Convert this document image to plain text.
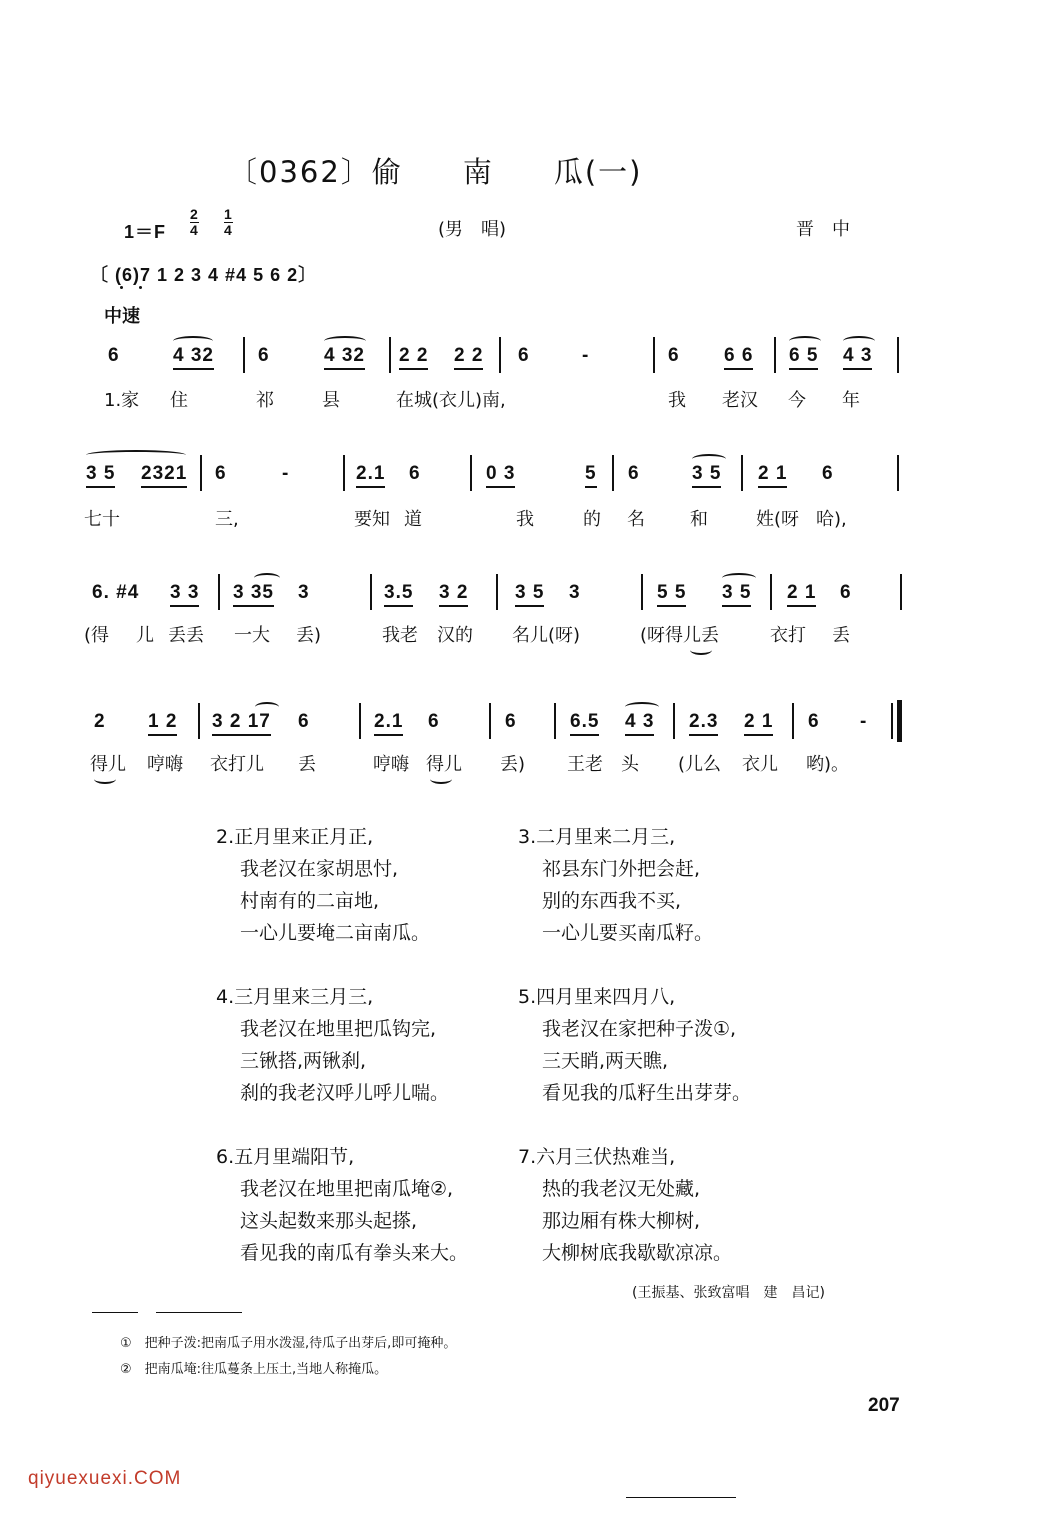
〔0362〕偷 南 瓜(一)
1＝F
2
4
1
4	(男　唱)	晋　中
〔 (6)7 1 2 3 4 #4 5 6 2〕
中速
6	4 32 6	4 32 2 2 2 2 6	-	6 6 6 6 5 4 3
1.家 住	祁	县	在城(衣儿)南,	我 老汉 今 年
3 5 2321 6	-	2.1 6	0 3	5 6	3 5 2 1 6
七十	三,	要知 道	我	的 名	和	姓(呀 哈),
6. #4 3 3 3 35 3	3.5 3 2 3 5 3	5 5 3 5 2 1 6
(得 儿 丢丢 一大 丢)	我老 汉的 名儿(呀)	(呀得儿丢	衣打 丢
2 1 2 3 2 17 6	2.1 6	6	6.5 4 3 2.3 2 1 6 -
得儿 哼嗨 衣打儿 丢	哼嗨 得儿 丢) 王老 头 (儿么 衣儿 哟)。
2.正月里来正月正,
我老汉在家胡思忖,
村南有的二亩地,
一心儿要埯二亩南瓜。
3.二月里来二月三,
祁县东门外把会赶,
别的东西我不买,
一心儿要买南瓜籽。
4.三月里来三月三,
我老汉在地里把瓜钩完,
三锹搭,两锹刹,
刹的我老汉呼儿呼儿喘。
5.四月里来四月八,
我老汉在家把种子泼①,
三天睄,两天瞧,
看见我的瓜籽生出芽芽。
6.五月里端阳节,
我老汉在地里把南瓜埯②,
这头起数来那头起搽,
看见我的南瓜有拳头来大。
7.六月三伏热难当,
热的我老汉无处藏,
那边厢有株大柳树,
大柳树底我歇歇凉凉。
(王振基、张致富唱　建　昌记)
①　 把种子泼:把南瓜子用水泼湿,待瓜子出芽后,即可掩种。
②　 把南瓜埯:往瓜蔓条上压土,当地人称掩瓜。
207
qiyuexuexi.COM
